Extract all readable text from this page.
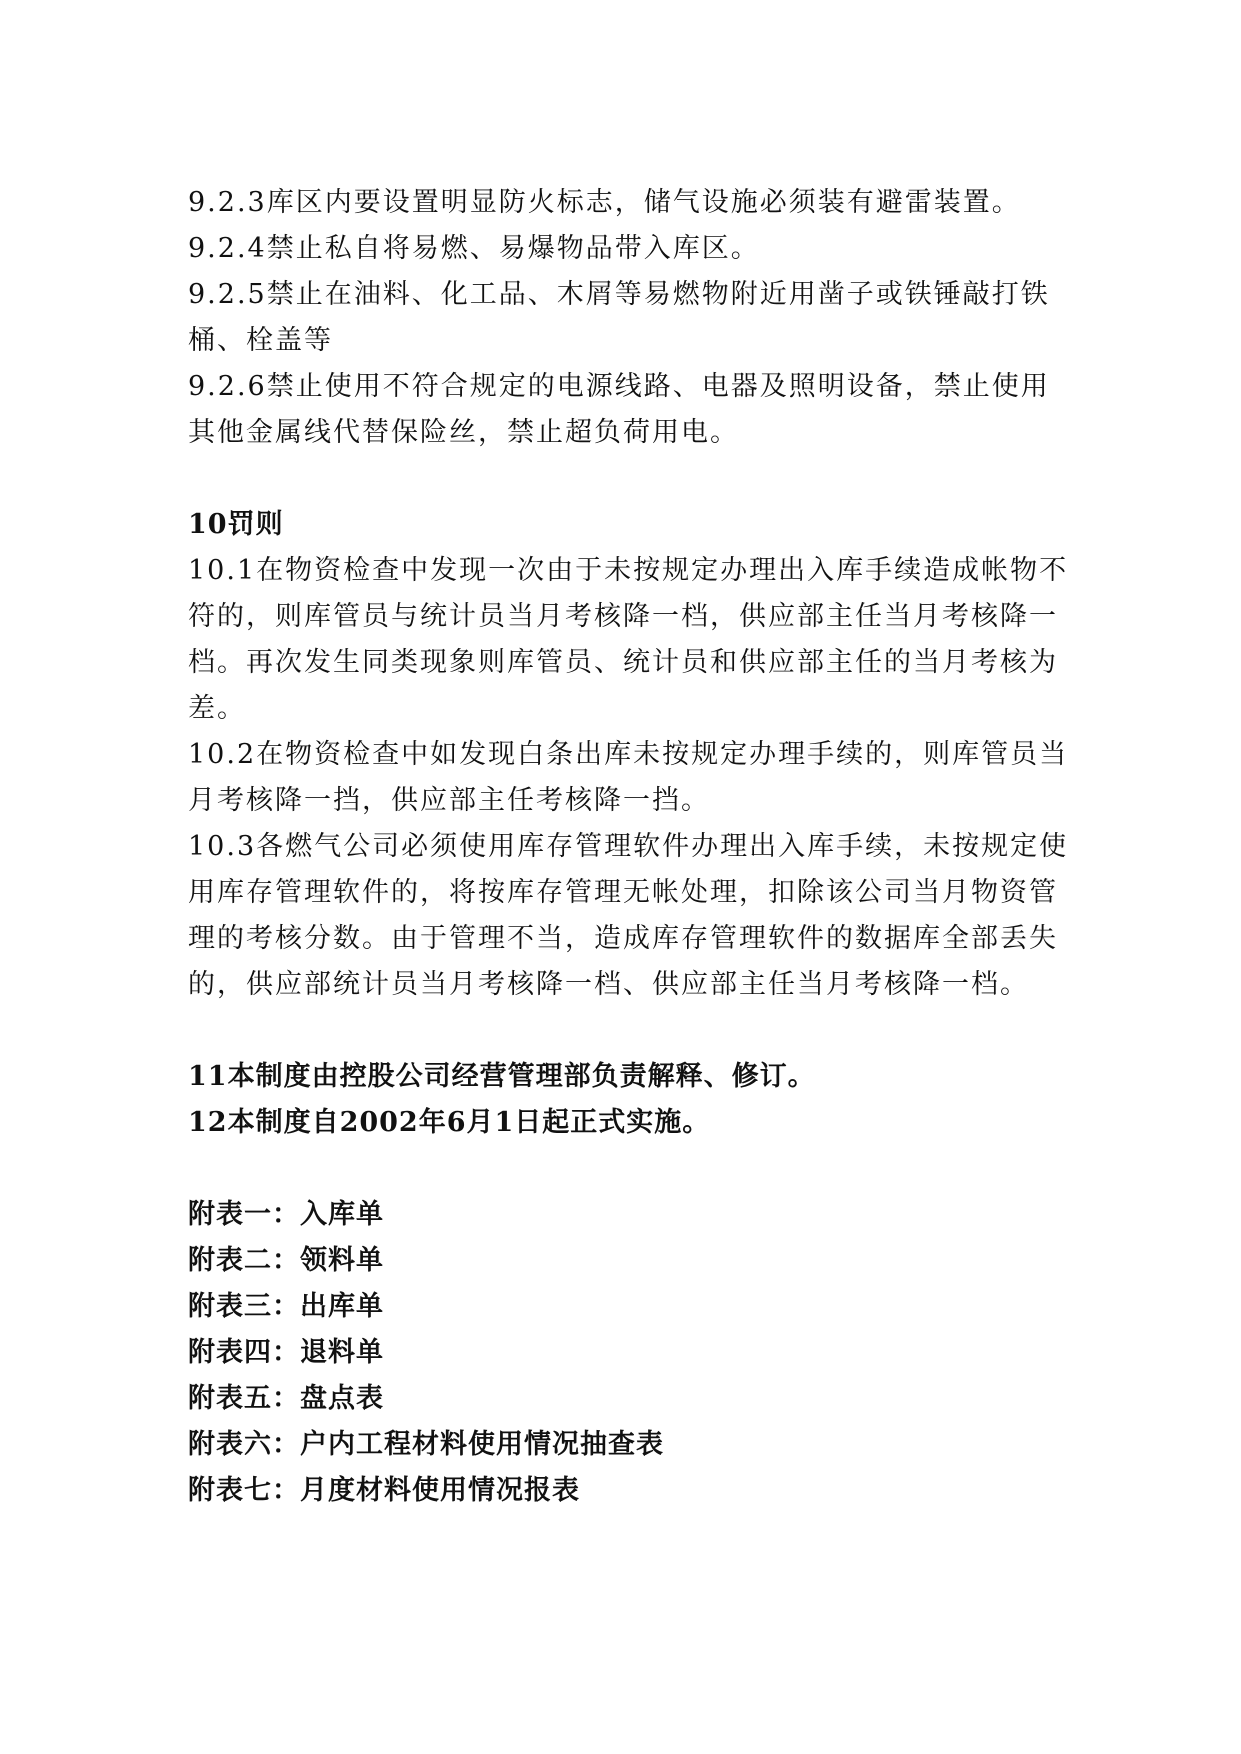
9.2.3库区内要设置明显防火标志，储气设施必须装有避雷装置。
9.2.4禁止私自将易燃、易爆物品带入库区。
9.2.5禁止在油料、化工品、木屑等易燃物附近用凿子或铁锤敲打铁
桶、栓盖等
9.2.6禁止使用不符合规定的电源线路、电器及照明设备，禁止使用
其他金属线代替保险丝，禁止超负荷用电。
10罚则
10.1在物资检查中发现一次由于未按规定办理出入库手续造成帐物不
符的，则库管员与统计员当月考核降一档，供应部主任当月考核降一
档。再次发生同类现象则库管员、统计员和供应部主任的当月考核为
差。
10.2在物资检查中如发现白条出库未按规定办理手续的，则库管员当
月考核降一挡，供应部主任考核降一挡。
10.3各燃气公司必须使用库存管理软件办理出入库手续，未按规定使
用库存管理软件的，将按库存管理无帐处理，扣除该公司当月物资管
理的考核分数。由于管理不当，造成库存管理软件的数据库全部丢失
的，供应部统计员当月考核降一档、供应部主任当月考核降一档。
11本制度由控股公司经营管理部负责解释、修订。
12本制度自2002年6月1日起正式实施。
附表一：入库单
附表二：领料单
附表三：出库单
附表四：退料单
附表五：盘点表
附表六：户内工程材料使用情况抽查表
附表七：月度材料使用情况报表
